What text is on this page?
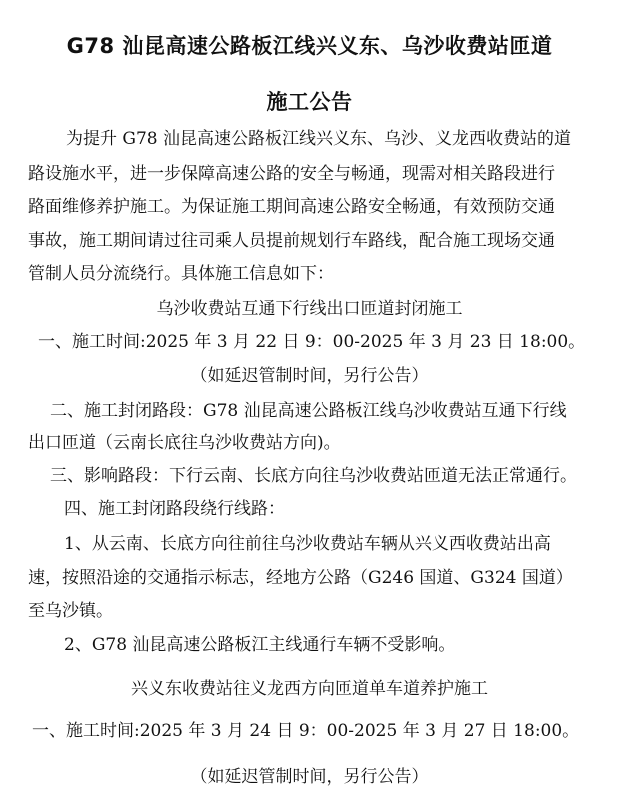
G78 汕昆高速公路板江线兴义东、乌沙收费站匝道
施工公告
为提升 G78 汕昆高速公路板江线兴义东、乌沙、义龙西收费站的道
路设施水平，进一步保障高速公路的安全与畅通，现需对相关路段进行
路面维修养护施工。为保证施工期间高速公路安全畅通，有效预防交通
事故，施工期间请过往司乘人员提前规划行车路线，配合施工现场交通
管制人员分流绕行。具体施工信息如下：
乌沙收费站互通下行线出口匝道封闭施工
一、施工时间:2025 年 3 月 22 日 9：00-2025 年 3 月 23 日 18:00。
（如延迟管制时间，另行公告）
二、施工封闭路段：G78 汕昆高速公路板江线乌沙收费站互通下行线
出口匝道（云南长底往乌沙收费站方向)。
三、影响路段：下行云南、长底方向往乌沙收费站匝道无法正常通行。
四、施工封闭路段绕行线路：
1、从云南、长底方向往前往乌沙收费站车辆从兴义西收费站出高
速，按照沿途的交通指示标志，经地方公路（G246 国道、G324 国道）
至乌沙镇。
2、G78 汕昆高速公路板江主线通行车辆不受影响。
兴义东收费站往义龙西方向匝道单车道养护施工
一、施工时间:2025 年 3 月 24 日 9：00-2025 年 3 月 27 日 18:00。
（如延迟管制时间，另行公告）
